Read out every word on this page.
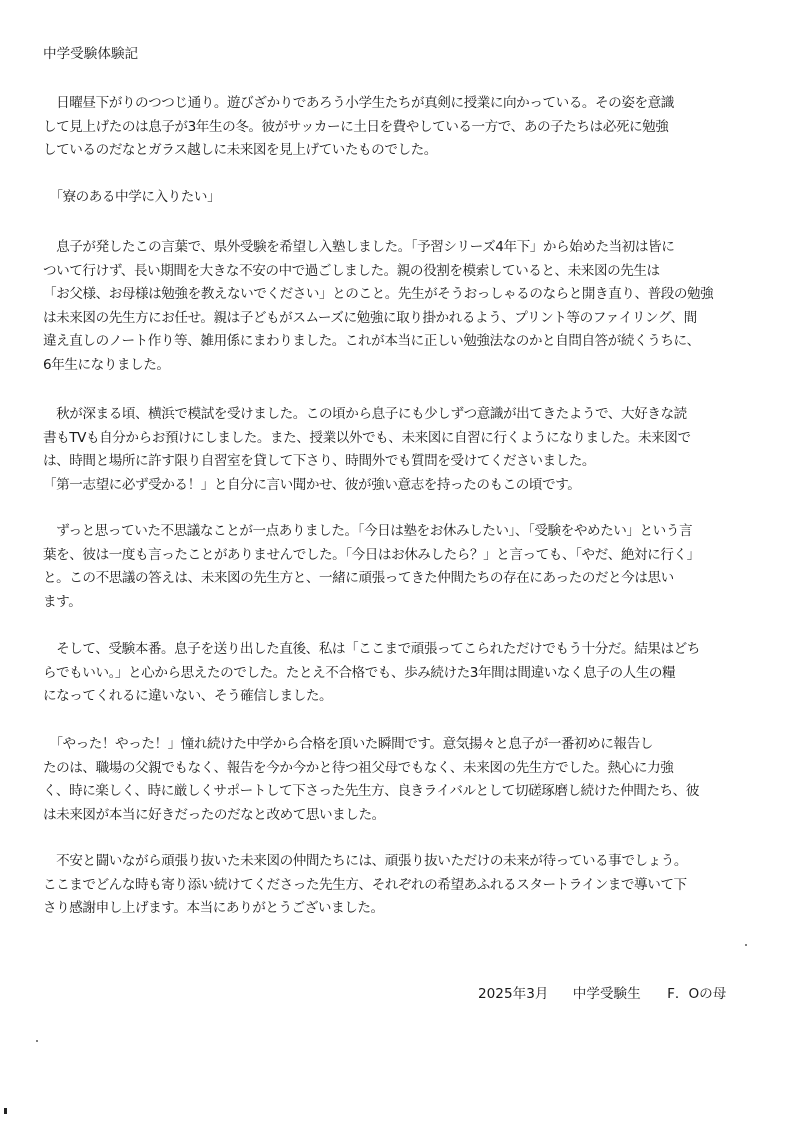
中学受験体験記
　日曜昼下がりのつつじ通り。遊びざかりであろう小学生たちが真剣に授業に向かっている。その姿を意識
して見上げたのは息子が3年生の冬。彼がサッカーに土日を費やしている一方で、あの子たちは必死に勉強
しているのだなとガラス越しに未来図を見上げていたものでした。
　「寮のある中学に入りたい」
　息子が発したこの言葉で、県外受験を希望し入塾しました。「予習シリーズ4年下」から始めた当初は皆に
ついて行けず、長い期間を大きな不安の中で過ごしました。親の役割を模索していると、未来図の先生は
「お父様、お母様は勉強を教えないでください」とのこと。先生がそうおっしゃるのならと開き直り、普段の勉強
は未来図の先生方にお任せ。親は子どもがスムーズに勉強に取り掛かれるよう、プリント等のファイリング、間
違え直しのノート作り等、雑用係にまわりました。これが本当に正しい勉強法なのかと自問自答が続くうちに、
6年生になりました。
　秋が深まる頃、横浜で模試を受けました。この頃から息子にも少しずつ意識が出てきたようで、大好きな読
書もTVも自分からお預けにしました。また、授業以外でも、未来図に自習に行くようになりました。未来図で
は、時間と場所に許す限り自習室を貸して下さり、時間外でも質問を受けてくださいました。
「第一志望に必ず受かる！」と自分に言い聞かせ、彼が強い意志を持ったのもこの頃です。
　ずっと思っていた不思議なことが一点ありました。「今日は塾をお休みしたい」、「受験をやめたい」という言
葉を、彼は一度も言ったことがありませんでした。「今日はお休みしたら？」と言っても、「やだ、絶対に行く」
と。この不思議の答えは、未来図の先生方と、一緒に頑張ってきた仲間たちの存在にあったのだと今は思い
ます。
　そして、受験本番。息子を送り出した直後、私は「ここまで頑張ってこられただけでもう十分だ。結果はどち
らでもいい。」と心から思えたのでした。たとえ不合格でも、歩み続けた3年間は間違いなく息子の人生の糧
になってくれるに違いない、そう確信しました。
　「やった！やった！」憧れ続けた中学から合格を頂いた瞬間です。意気揚々と息子が一番初めに報告し
たのは、職場の父親でもなく、報告を今か今かと待つ祖父母でもなく、未来図の先生方でした。熱心に力強
く、時に楽しく、時に厳しくサポートして下さった先生方、良きライバルとして切磋琢磨し続けた仲間たち、彼
は未来図が本当に好きだったのだなと改めて思いました。
　不安と闘いながら頑張り抜いた未来図の仲間たちには、頑張り抜いただけの未来が待っている事でしょう。
ここまでどんな時も寄り添い続けてくださった先生方、それぞれの希望あふれるスタートラインまで導いて下
さり感謝申し上げます。本当にありがとうございました。
2025年3月 中学受験生 F．Oの母
